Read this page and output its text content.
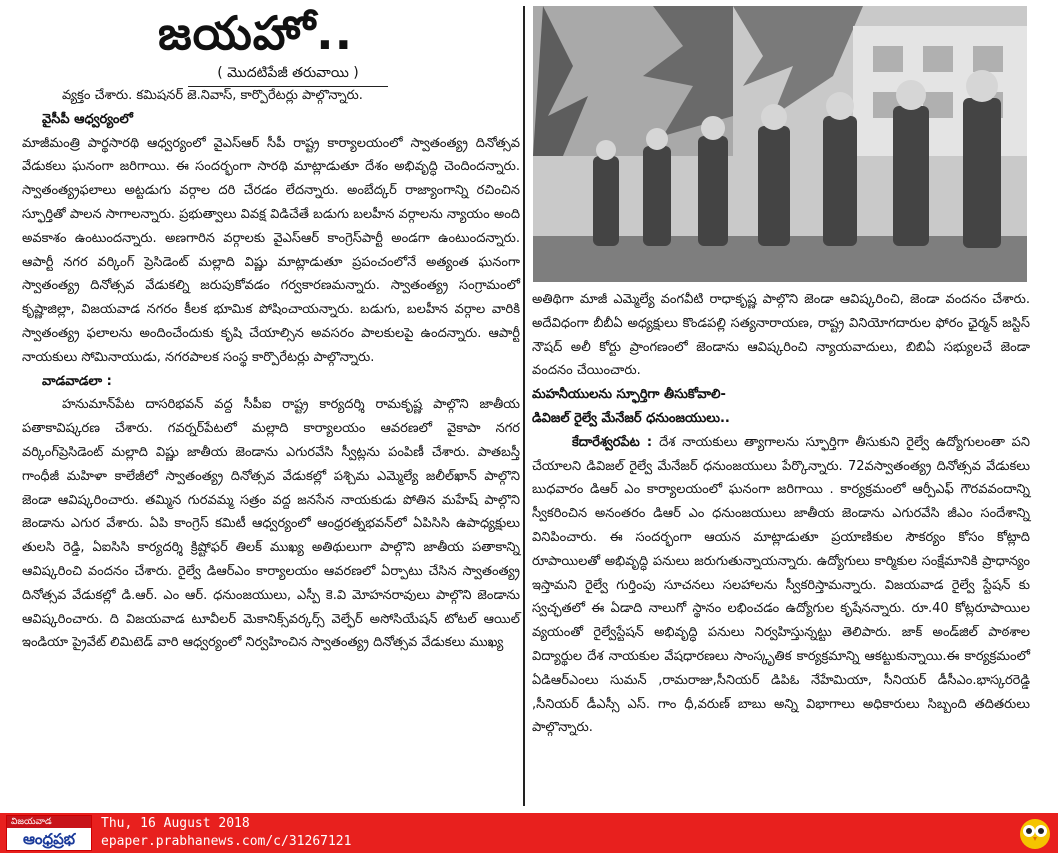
జయహో..
( మొదటిపేజీ తరువాయి )

వ్యక్తం చేశారు. కమిషనర్ జె.నివాస్, కార్పొరేటర్లు పాల్గొన్నారు.

వైసీపీ ఆధ్వర్యంలో

మాజీమంత్రి పార్థసారథి ఆధ్వర్యంలో వైఎస్ఆర్ సీపీ రాష్ట్ర కార్యాలయంలో స్వాతంత్య్ర దినోత్సవ వేడుకలు ఘనంగా జరిగాయి. ఈ సందర్భంగా సారథి మాట్లాడుతూ దేశం అభివృద్ధి చెందిందన్నారు. స్వాతంత్య్రఫలాలు అట్టడుగు వర్గాల దరి చేరడం లేదన్నారు. అంబేద్కర్ రాజ్యాంగాన్ని రచించిన స్ఫూర్తితో పాలన సాగాలన్నారు. ప్రభుత్వాలు వివక్ష విడిచేతే బడుగు బలహీన వర్గాలను న్యాయం అంది అవకాశం ఉంటుందన్నారు. అణగారిన వర్గాలకు వైఎస్ఆర్ కాంగ్రెస్‌పార్టీ అండగా ఉంటుందన్నారు. ఆపార్టీ నగర వర్కింగ్ ప్రెసిడెంట్ మల్లాది విష్ణు మాట్లాడుతూ ప్రపంచంలోనే అత్యంత ఘనంగా స్వాతంత్య్ర దినోత్సవ వేడుకల్ని జరుపుకోవడం గర్వకారణమన్నారు. స్వాతంత్య్ర సంగ్రామంలో కృష్ణాజిల్లా, విజయవాడ నగరం కీలక భూమిక పోషించాయన్నారు. బడుగు, బలహీన వర్గాల వారికి స్వాతంత్య్ర ఫలాలను అందించేందుకు కృషి చేయాల్సిన అవసరం పాలకులపై ఉందన్నారు. ఆపార్టీ నాయకులు సోమినాయుడు, నగరపాలక సంస్థ కార్పొరేటర్లు పాల్గొన్నారు.

వాడవాడలా :

హనుమాన్‌పేట దాసరిభవన్ వద్ద సీపీఐ రాష్ట్ర కార్యదర్శి రామకృష్ణ పాల్గొని జాతీయ పతాకావిష్కరణ చేశారు. గవర్నర్‌పేటలో మల్లాది కార్యాలయం ఆవరణలో వైకాపా నగర వర్కింగ్‌ప్రెసిడెంట్ మల్లాది విష్ణు జాతీయ జెండాను ఎగురవేసి స్వీట్లను పంపిణీ చేశారు. పాతబస్తీ గాంధీజీ మహిళా కాలేజీలో స్వాతంత్య్ర దినోత్సవ వేడుకల్లో పశ్చిమ ఎమ్మెల్యే జలీల్‌ఖాన్ పాల్గొని జెండా ఆవిష్కరించారు. తమ్మిన గురవమ్మ సత్రం వద్ద జనసేన నాయకుడు పోతిన మహేష్ పాల్గొని జెండాను ఎగుర వేశారు. ఏపి కాంగ్రెస్ కమిటీ ఆధ్వర్యంలో ఆంధ్రరత్నభవన్‌లో ఏపిసిసి ఉపాధ్యక్షులు తులసి రెడ్డి, ఏఐసిసి కార్యదర్శి క్రిష్టోఫర్ తిలక్ ముఖ్య అతిథులుగా పాల్గొని జాతీయ పతాకాన్ని ఆవిష్కరించి వందనం చేశారు. రైల్వే డిఆర్ఎం కార్యాలయం ఆవరణలో ఏర్పాటు చేసిన స్వాతంత్య్ర దినోత్సవ వేడుకల్లో డి.ఆర్. ఎం ఆర్. ధనుంజయులు, ఎస్పీ కె.వి మోహనరావులు పాల్గొని జెండాను ఆవిష్కరించారు. ది విజయవాడ టూవీలర్ మెకానిక్స్‌వర్కర్స్ వెల్ఫేర్ అసోసియేషన్ టోటల్ ఆయిల్ ఇండియా ప్రైవేట్ లిమిటెడ్ వారి ఆధ్వర్యంలో నిర్వహించిన స్వాతంత్య్ర దినోత్సవ వేడుకలు ముఖ్య

అతిథిగా మాజీ ఎమ్మెల్యే వంగవీటి రాధాకృష్ణ పాల్గొని జెండా ఆవిష్కరించి, జెండా వందనం చేశారు. అదేవిధంగా బీబీఏ అధ్యక్షులు కొండపల్లి సత్యనారాయణ, రాష్ట్ర వినియోగదారుల ఫోరం ఛైర్మన్ జస్టిస్ నౌషద్ అలీ కోర్టు ప్రాంగణంలో జెండాను ఆవిష్కరించి న్యాయవాదులు, బిబిఏ సభ్యులచే జెండా వందనం చేయించారు.

మహనీయులను స్ఫూర్తిగా తీసుకోవాలి-

డివిజల్ రైల్వే మేనేజర్ ధనుంజయులు..

కేదారేశ్వరపేట : దేశ నాయకులు త్యాగాలను స్ఫూర్తిగా తీసుకుని రైల్వే ఉద్యోగులంతా పని చేయాలని డివిజల్ రైల్వే మేనేజర్ ధనుంజయులు పేర్కొన్నారు. 72వస్వాతంత్య్ర దినోత్సవ వేడుకలు బుధవారం డిఆర్ ఎం కార్యాలయంలో ఘనంగా జరిగాయి . కార్యక్రమంలో ఆర్పీఎఫ్ గౌరవవందాన్ని స్వీకరించిన అనంతరం డిఆర్ ఎం ధనుంజయులు జాతీయ జెండాను ఎగురవేసి జీఎం సందేశాన్ని వినిపించారు. ఈ సందర్భంగా ఆయన మాట్లాడుతూ ప్రయాణికుల సౌకర్యం కోసం కోట్లాది రూపాయిలతో అభివృద్ధి పనులు జరుగుతున్నాయన్నారు. ఉద్యోగులు కార్మికుల సంక్షేమానికి ప్రాధాన్యం ఇస్తామని రైల్వే గుర్తింపు సూచనలు సలహాలను స్వీకరిస్తామన్నారు. విజయవాడ రైల్వే స్టేషన్ కు స్వచ్ఛతలో ఈ ఏడాది నాలుగో స్థానం లభించడం ఉద్యోగుల కృషేనన్నారు. రూ.40 కోట్లరూపాయిల వ్యయంతో రైల్వేస్టేషన్ అభివృద్ధి పనులు నిర్వహిస్తున్నట్టు తెలిపారు. జాక్ అండ్‌జిల్ పాఠశాల విద్యార్థుల దేశ నాయకుల వేషధారణలు సాంస్కృతిక కార్యక్రమాన్ని ఆకట్టుకున్నాయి.ఈ కార్యక్రమంలో ఏడిఆర్ఎంలు సుమన్ ,రామరాజు,సీనియర్ డిపిఓ నేహేమియా, సీనియర్ డీసీఎం.భాస్కరరెడ్డి ,సీనియర్ డీఎస్సీ ఎస్. గాం ధీ,వరుణ్ బాబు అన్ని విభాగాలు అధికారులు సిబ్బంది తదితరులు పాల్గొన్నారు.

విజయవాడ
ఆంధ్రప్రభ
Thu, 16 August 2018
epaper.prabhanews.com/c/31267121
